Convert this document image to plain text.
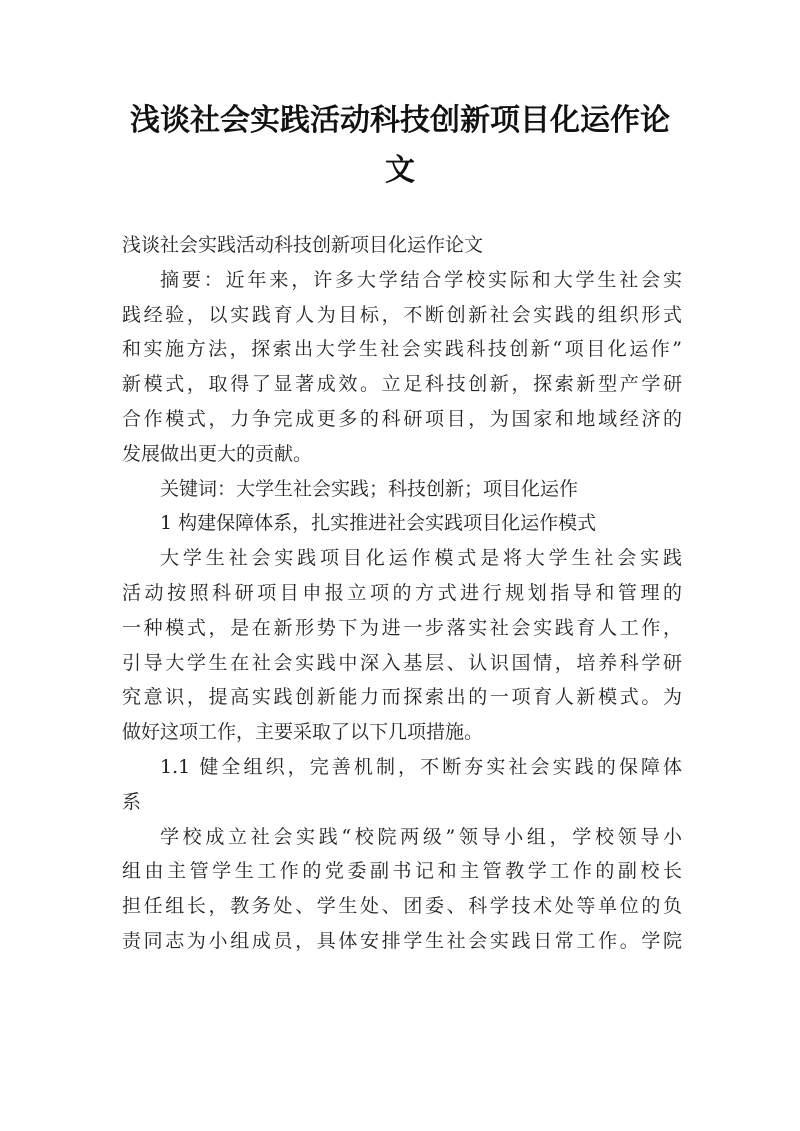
浅谈社会实践活动科技创新项目化运作论
文
浅谈社会实践活动科技创新项目化运作论文
摘要：近年来，许多大学结合学校实际和大学生社会实
践经验，以实践育人为目标，不断创新社会实践的组织形式
和实施方法，探索出大学生社会实践科技创新“项目化运作”
新模式，取得了显著成效。立足科技创新，探索新型产学研
合作模式，力争完成更多的科研项目，为国家和地域经济的
发展做出更大的贡献。
关键词：大学生社会实践；科技创新；项目化运作
1 构建保障体系，扎实推进社会实践项目化运作模式
大学生社会实践项目化运作模式是将大学生社会实践
活动按照科研项目申报立项的方式进行规划指导和管理的
一种模式，是在新形势下为进一步落实社会实践育人工作，
引导大学生在社会实践中深入基层、认识国情，培养科学研
究意识，提高实践创新能力而探索出的一项育人新模式。为
做好这项工作，主要采取了以下几项措施。
1.1 健全组织，完善机制，不断夯实社会实践的保障体
系
学校成立社会实践“校院两级”领导小组，学校领导小
组由主管学生工作的党委副书记和主管教学工作的副校长
担任组长，教务处、学生处、团委、科学技术处等单位的负
责同志为小组成员，具体安排学生社会实践日常工作。学院
